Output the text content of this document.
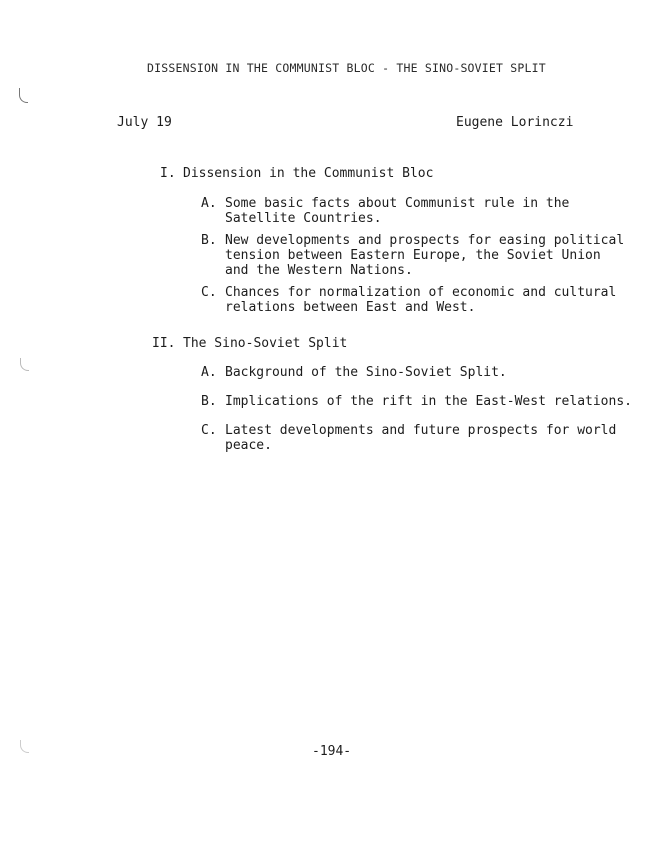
DISSENSION IN THE COMMUNIST BLOC - THE SINO-SOVIET SPLIT
July 19	Eugene Lorinczi
I. Dissension in the Communist Bloc
A. Some basic facts about Communist rule in the
Satellite Countries.
B. New developments and prospects for easing political
tension between Eastern Europe, the Soviet Union
and the Western Nations.
C. Chances for normalization of economic and cultural
relations between East and West.
II. The Sino-Soviet Split
A. Background of the Sino-Soviet Split.
B. Implications of the rift in the East-West relations.
C. Latest developments and future prospects for world
peace.
-194-
